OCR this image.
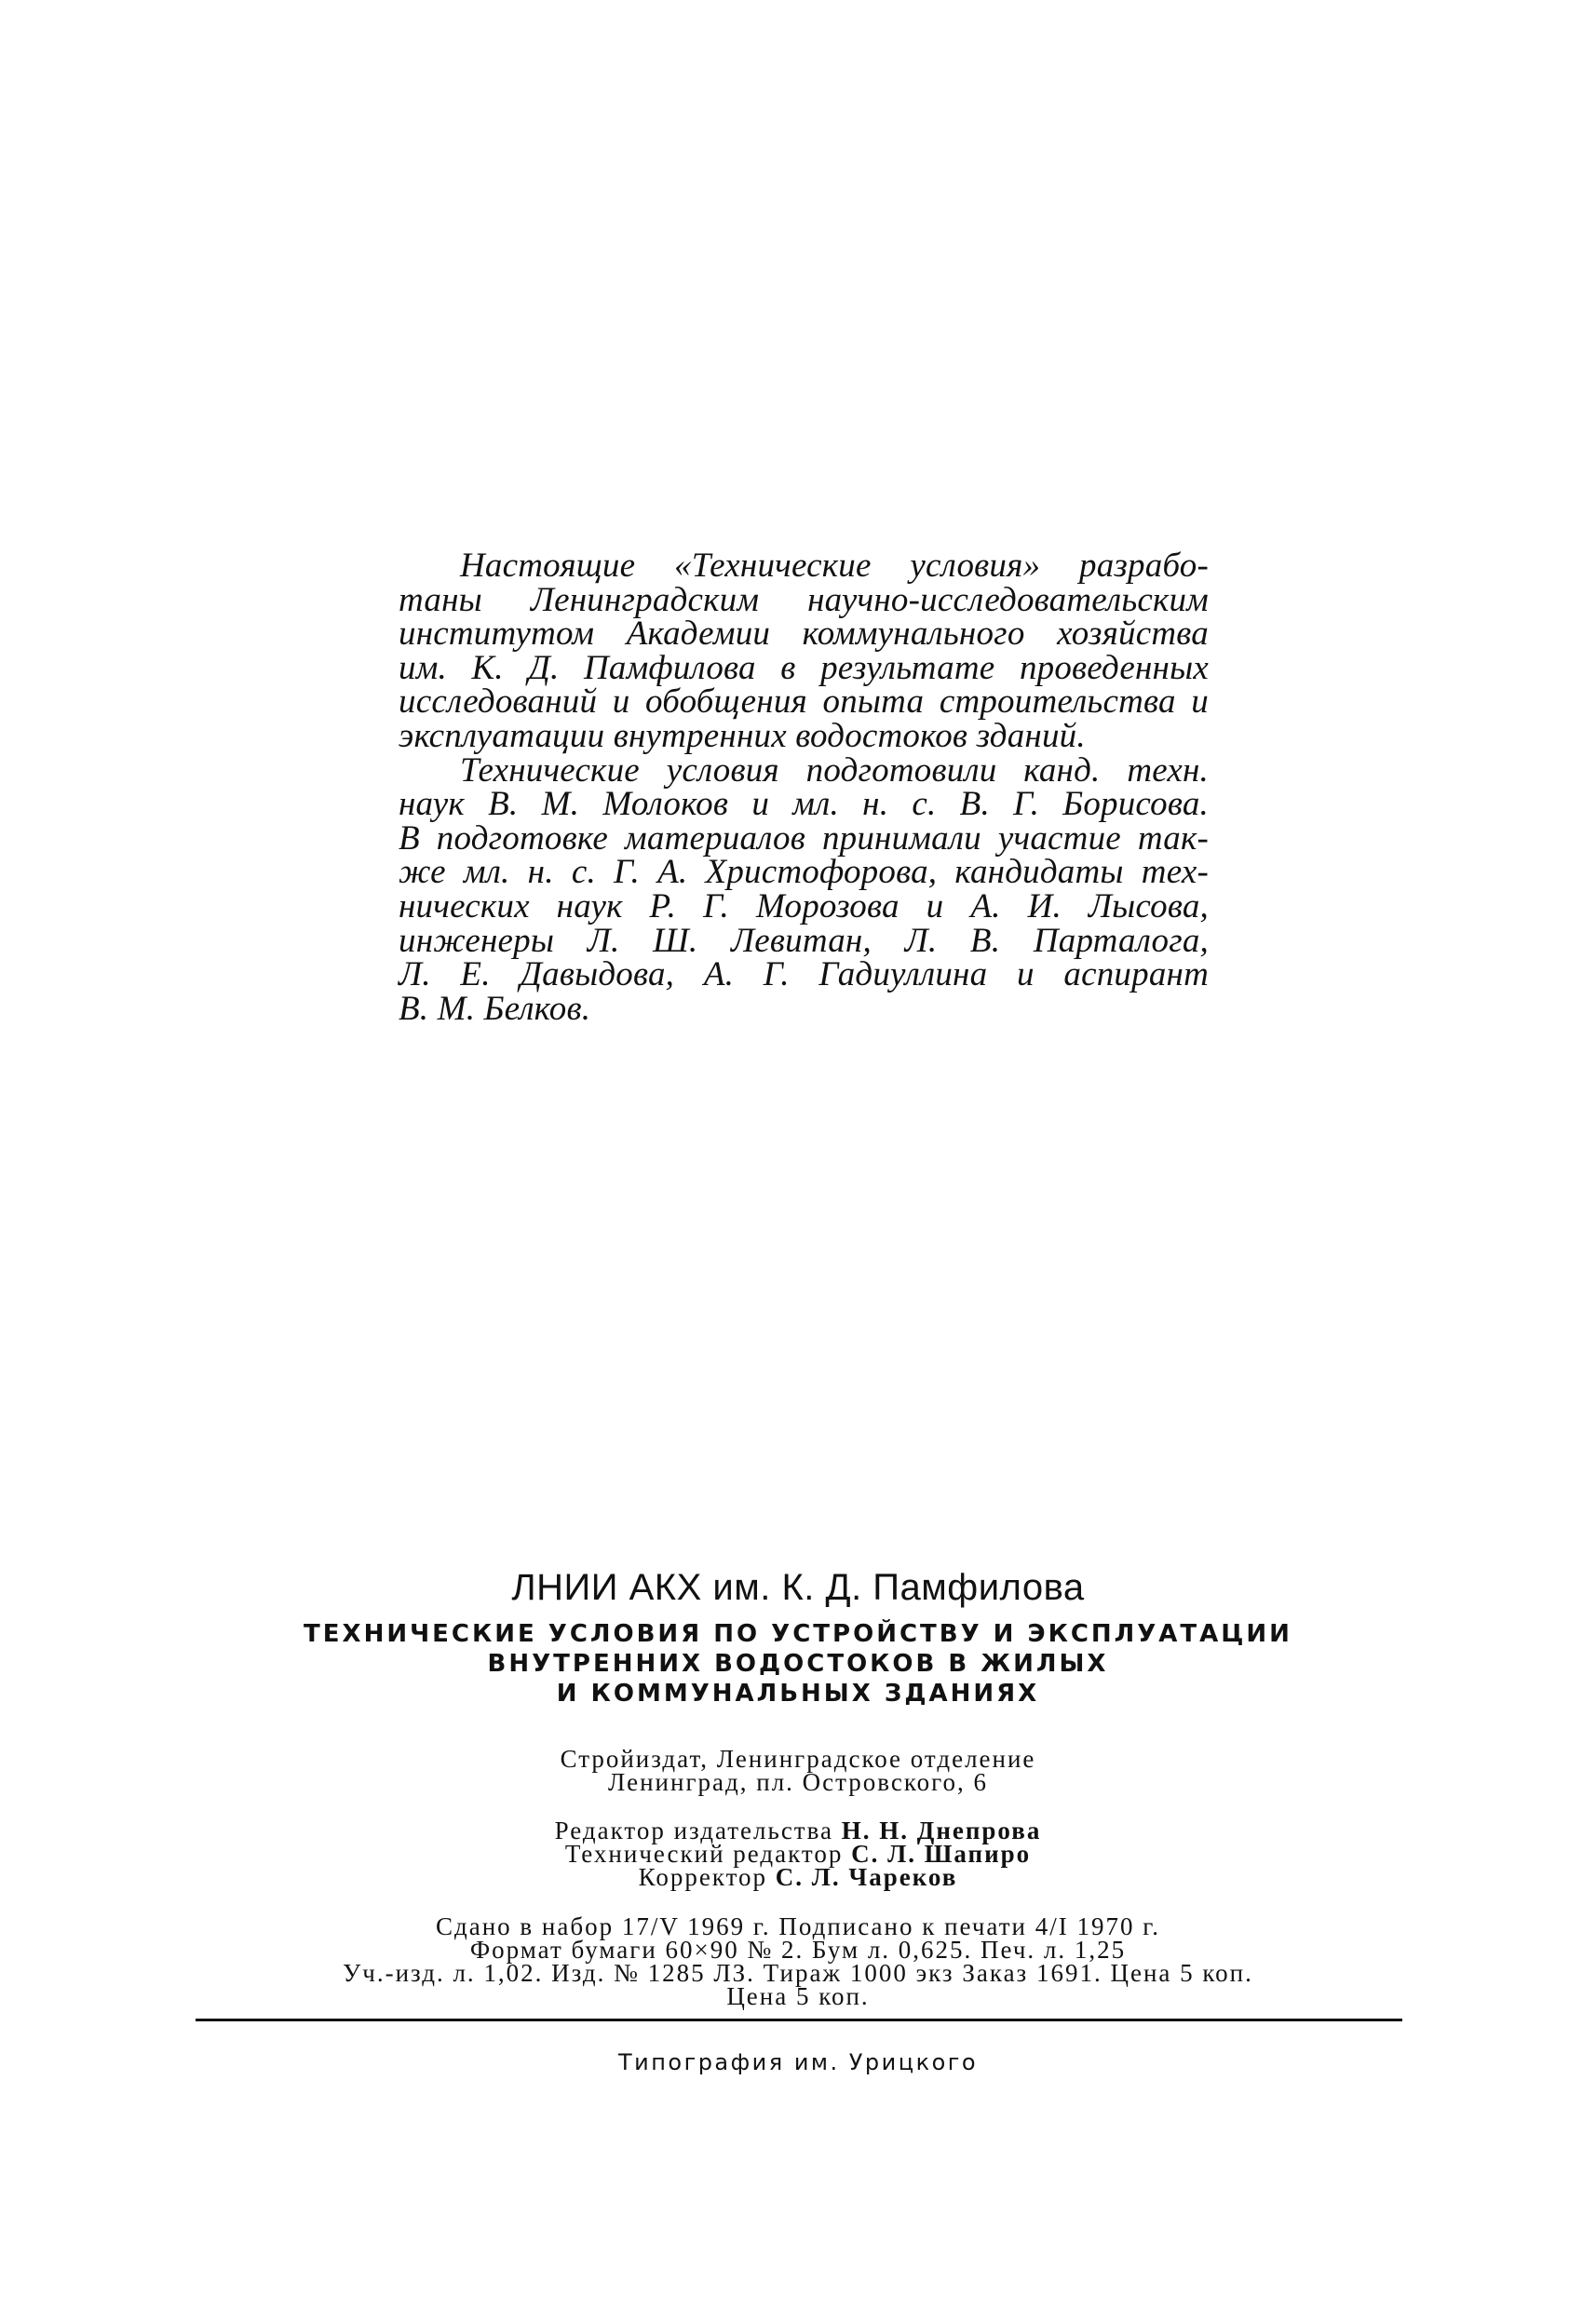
Настоящие «Технические условия» разрабо-
таны Ленинградским научно-исследовательским
институтом Академии коммунального хозяйства
им. К. Д. Памфилова в результате проведенных
исследований и обобщения опыта строительства и
эксплуатации внутренних водостоков зданий.
Технические условия подготовили канд. техн.
наук В. М. Молоков и мл. н. с. В. Г. Борисова.
В подготовке материалов принимали участие так-
же мл. н. с. Г. А. Христофорова, кандидаты тех-
нических наук Р. Г. Морозова и А. И. Лысова,
инженеры Л. Ш. Левитан, Л. В. Парталога,
Л. Е. Давыдова, А. Г. Гадиуллина и аспирант
В. М. Белков.
ЛНИИ АКХ им. К. Д. Памфилова
ТЕХНИЧЕСКИЕ УСЛОВИЯ ПО УСТРОЙСТВУ И ЭКСПЛУАТАЦИИ
ВНУТРЕННИХ ВОДОСТОКОВ В ЖИЛЫХ
И КОММУНАЛЬНЫХ ЗДАНИЯХ
Стройиздат, Ленинградское отделение
Ленинград, пл. Островского, 6
Редактор издательства Н. Н. Днепрова
Технический редактор С. Л. Шапиро
Корректор С. Л. Чареков
Сдано в набор 17/V 1969 г. Подписано к печати 4/I 1970 г.
Формат бумаги 60×90 № 2. Бум л. 0,625. Печ. л. 1,25
Уч.-изд. л. 1,02. Изд. № 1285 ЛЗ. Тираж 1000 экз Заказ 1691. Цена 5 коп.
Цена 5 коп.
Типография им. Урицкого
